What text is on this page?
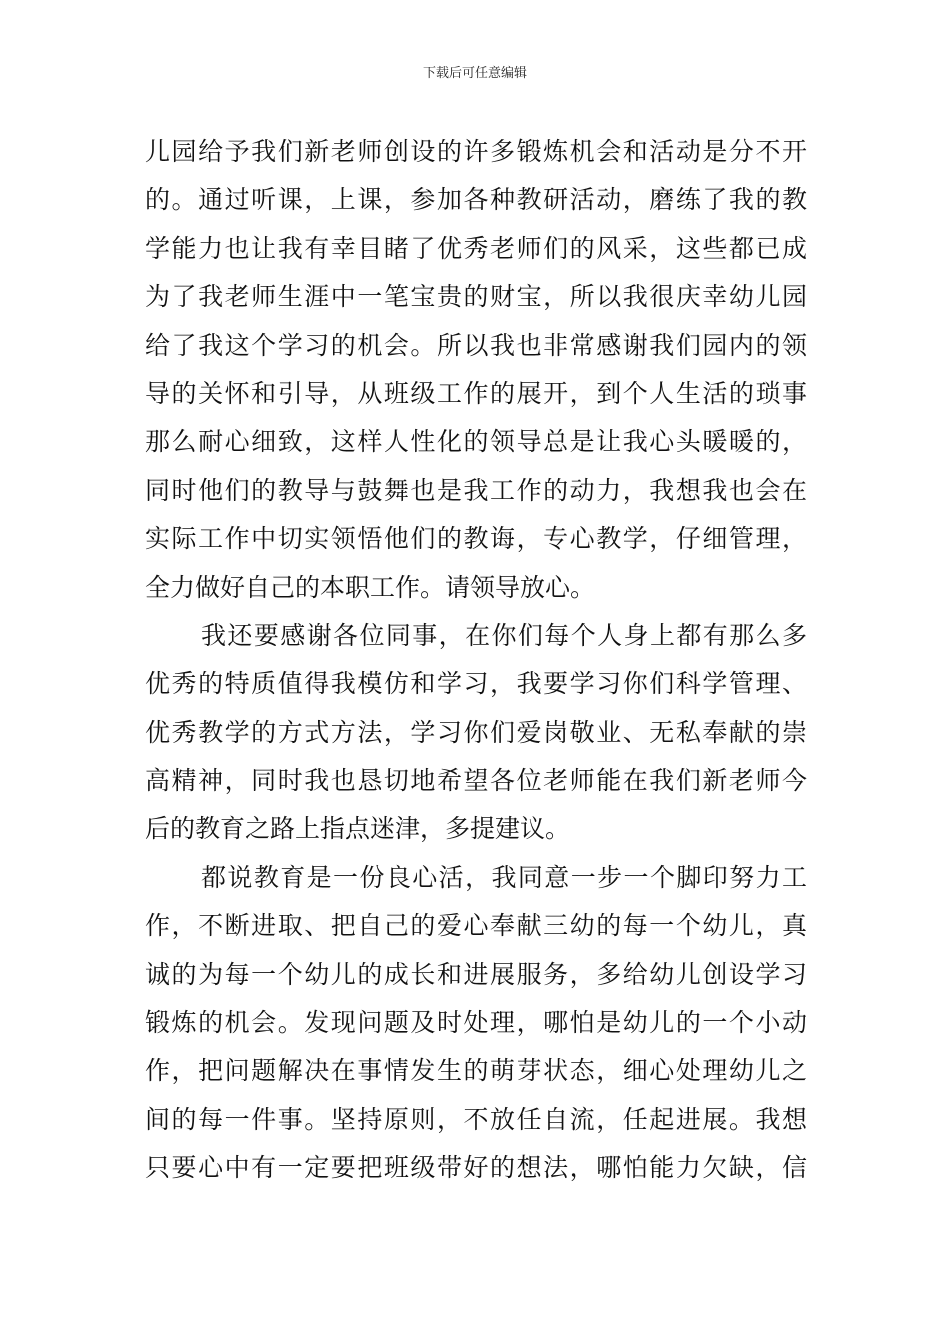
下载后可任意编辑

儿园给予我们新老师创设的许多锻炼机会和活动是分不开
的。通过听课，上课，参加各种教研活动，磨练了我的教
学能力也让我有幸目睹了优秀老师们的风采，这些都已成
为了我老师生涯中一笔宝贵的财宝，所以我很庆幸幼儿园
给了我这个学习的机会。所以我也非常感谢我们园内的领
导的关怀和引导，从班级工作的展开，到个人生活的琐事
那么耐心细致，这样人性化的领导总是让我心头暖暖的，
同时他们的教导与鼓舞也是我工作的动力，我想我也会在
实际工作中切实领悟他们的教诲，专心教学，仔细管理，
全力做好自己的本职工作。请领导放心。

我还要感谢各位同事，在你们每个人身上都有那么多
优秀的特质值得我模仿和学习，我要学习你们科学管理、
优秀教学的方式方法，学习你们爱岗敬业、无私奉献的崇
高精神，同时我也恳切地希望各位老师能在我们新老师今
后的教育之路上指点迷津，多提建议。

都说教育是一份良心活，我同意一步一个脚印努力工
作，不断进取、把自己的爱心奉献三幼的每一个幼儿，真
诚的为每一个幼儿的成长和进展服务，多给幼儿创设学习
锻炼的机会。发现问题及时处理，哪怕是幼儿的一个小动
作，把问题解决在事情发生的萌芽状态，细心处理幼儿之
间的每一件事。坚持原则，不放任自流，任起进展。我想
只要心中有一定要把班级带好的想法，哪怕能力欠缺，信
